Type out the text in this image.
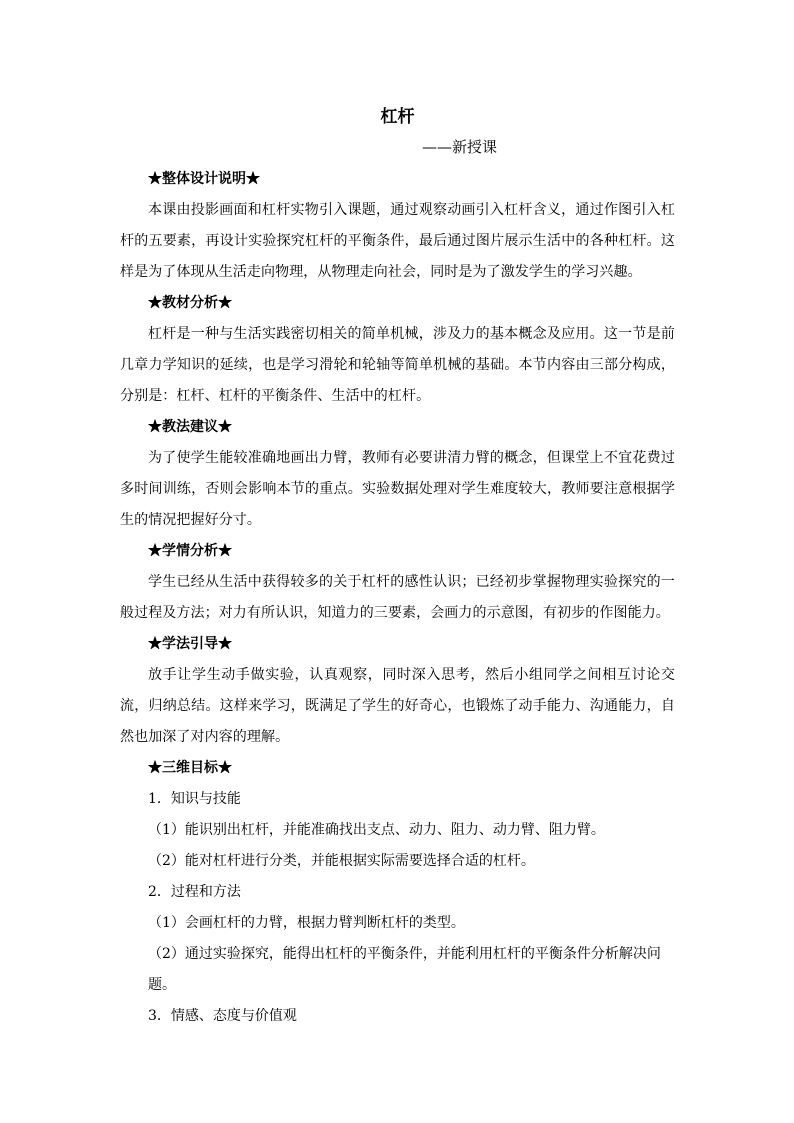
杠杆

——新授课

★整体设计说明★

本课由投影画面和杠杆实物引入课题，通过观察动画引入杠杆含义，通过作图引入杠杆的五要素，再设计实验探究杠杆的平衡条件，最后通过图片展示生活中的各种杠杆。这样是为了体现从生活走向物理，从物理走向社会，同时是为了激发学生的学习兴趣。

★教材分析★

杠杆是一种与生活实践密切相关的简单机械，涉及力的基本概念及应用。这一节是前几章力学知识的延续，也是学习滑轮和轮轴等简单机械的基础。本节内容由三部分构成，分别是：杠杆、杠杆的平衡条件、生活中的杠杆。

★教法建议★

为了使学生能较准确地画出力臂，教师有必要讲清力臂的概念，但课堂上不宜花费过多时间训练，否则会影响本节的重点。实验数据处理对学生难度较大，教师要注意根据学生的情况把握好分寸。

★学情分析★

学生已经从生活中获得较多的关于杠杆的感性认识；已经初步掌握物理实验探究的一般过程及方法；对力有所认识，知道力的三要素，会画力的示意图，有初步的作图能力。

★学法引导★

放手让学生动手做实验，认真观察，同时深入思考，然后小组同学之间相互讨论交流，归纳总结。这样来学习，既满足了学生的好奇心，也锻炼了动手能力、沟通能力，自然也加深了对内容的理解。

★三维目标★

1．知识与技能

（1）能识别出杠杆，并能准确找出支点、动力、阻力、动力臂、阻力臂。

（2）能对杠杆进行分类，并能根据实际需要选择合适的杠杆。

2．过程和方法

（1）会画杠杆的力臂，根据力臂判断杠杆的类型。

（2）通过实验探究，能得出杠杆的平衡条件，并能利用杠杆的平衡条件分析解决问题。

3．情感、态度与价值观
